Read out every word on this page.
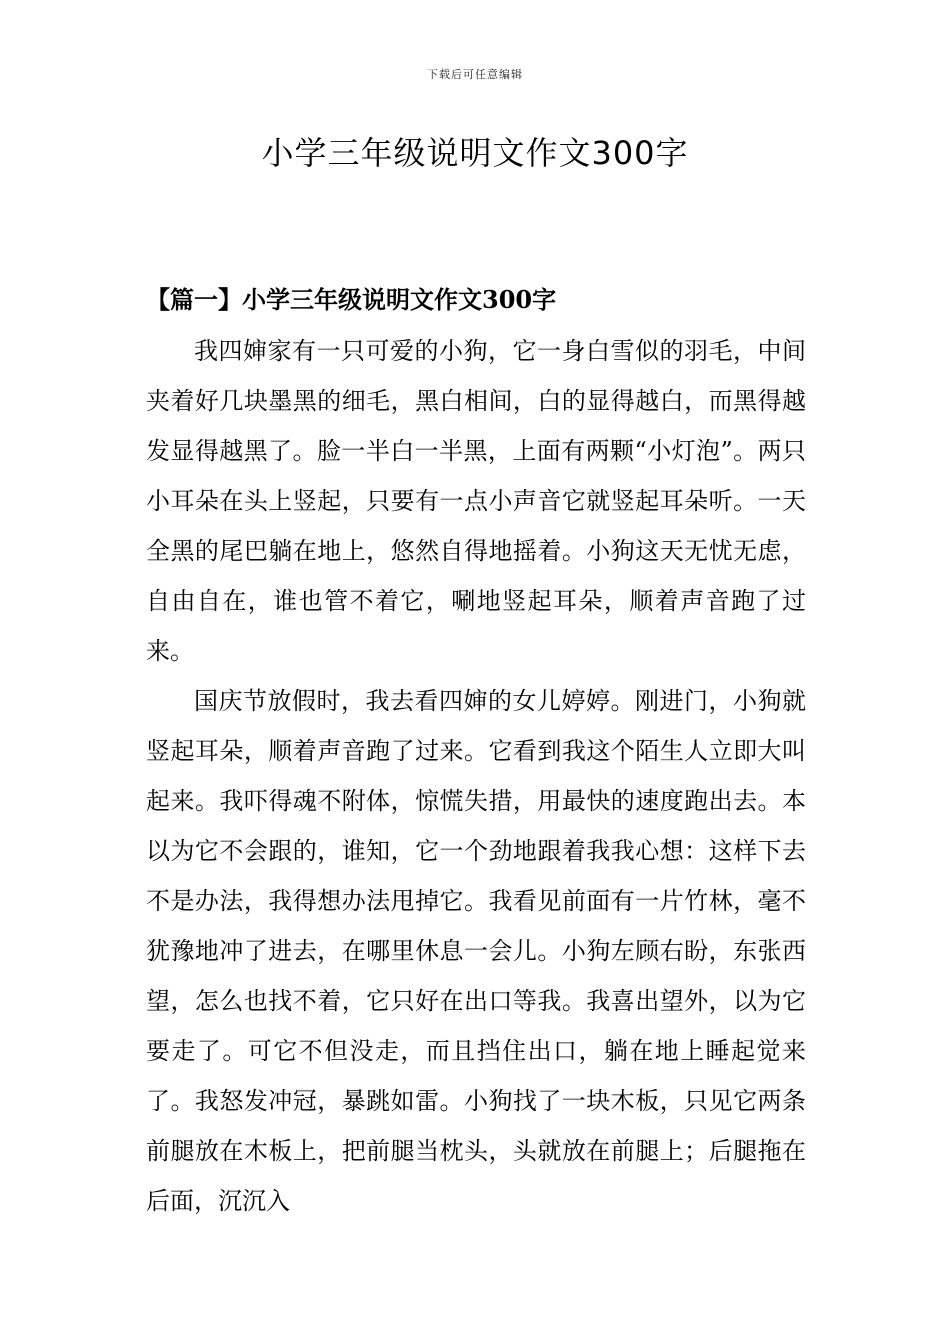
下载后可任意编辑
小学三年级说明文作文300字
【篇一】小学三年级说明文作文300字

我四婶家有一只可爱的小狗，它一身白雪似的羽毛，中间夹着好几块墨黑的细毛，黑白相间，白的显得越白，而黑得越发显得越黑了。脸一半白一半黑，上面有两颗“小灯泡”。两只小耳朵在头上竖起，只要有一点小声音它就竖起耳朵听。一天全黑的尾巴躺在地上，悠然自得地摇着。小狗这天无忧无虑，自由自在，谁也管不着它，唰地竖起耳朵，顺着声音跑了过来。

国庆节放假时，我去看四婶的女儿婷婷。刚进门，小狗就竖起耳朵，顺着声音跑了过来。它看到我这个陌生人立即大叫起来。我吓得魂不附体，惊慌失措，用最快的速度跑出去。本以为它不会跟的，谁知，它一个劲地跟着我我心想：这样下去不是办法，我得想办法甩掉它。我看见前面有一片竹林，毫不犹豫地冲了进去，在哪里休息一会儿。小狗左顾右盼，东张西望，怎么也找不着，它只好在出口等我。我喜出望外，以为它要走了。可它不但没走，而且挡住出口，躺在地上睡起觉来了。我怒发冲冠，暴跳如雷。小狗找了一块木板，只见它两条前腿放在木板上，把前腿当枕头，头就放在前腿上；后腿拖在后面，沉沉入
